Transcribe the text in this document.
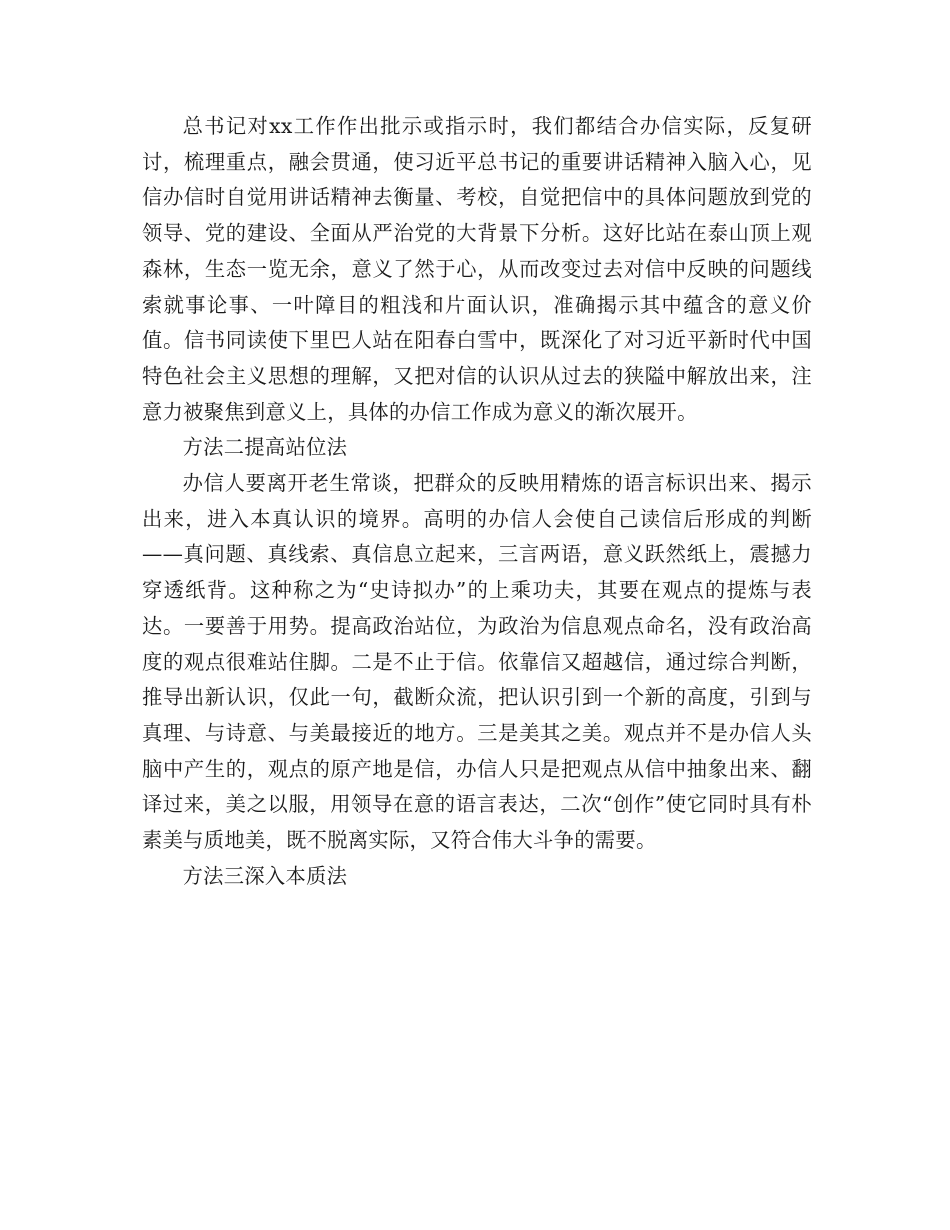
总书记对xx工作作出批示或指示时，我们都结合办信实际，反复研讨，梳理重点，融会贯通，使习近平总书记的重要讲话精神入脑入心，见信办信时自觉用讲话精神去衡量、考校，自觉把信中的具体问题放到党的领导、党的建设、全面从严治党的大背景下分析。这好比站在泰山顶上观森林，生态一览无余，意义了然于心，从而改变过去对信中反映的问题线索就事论事、一叶障目的粗浅和片面认识，准确揭示其中蕴含的意义价值。信书同读使下里巴人站在阳春白雪中，既深化了对习近平新时代中国特色社会主义思想的理解，又把对信的认识从过去的狭隘中解放出来，注意力被聚焦到意义上，具体的办信工作成为意义的渐次展开。

方法二提高站位法

办信人要离开老生常谈，把群众的反映用精炼的语言标识出来、揭示出来，进入本真认识的境界。高明的办信人会使自己读信后形成的判断——真问题、真线索、真信息立起来，三言两语，意义跃然纸上，震撼力穿透纸背。这种称之为“史诗拟办”的上乘功夫，其要在观点的提炼与表达。一要善于用势。提高政治站位，为政治为信息观点命名，没有政治高度的观点很难站住脚。二是不止于信。依靠信又超越信，通过综合判断，推导出新认识，仅此一句，截断众流，把认识引到一个新的高度，引到与真理、与诗意、与美最接近的地方。三是美其之美。观点并不是办信人头脑中产生的，观点的原产地是信，办信人只是把观点从信中抽象出来、翻译过来，美之以服，用领导在意的语言表达，二次“创作”使它同时具有朴素美与质地美，既不脱离实际，又符合伟大斗争的需要。

方法三深入本质法
